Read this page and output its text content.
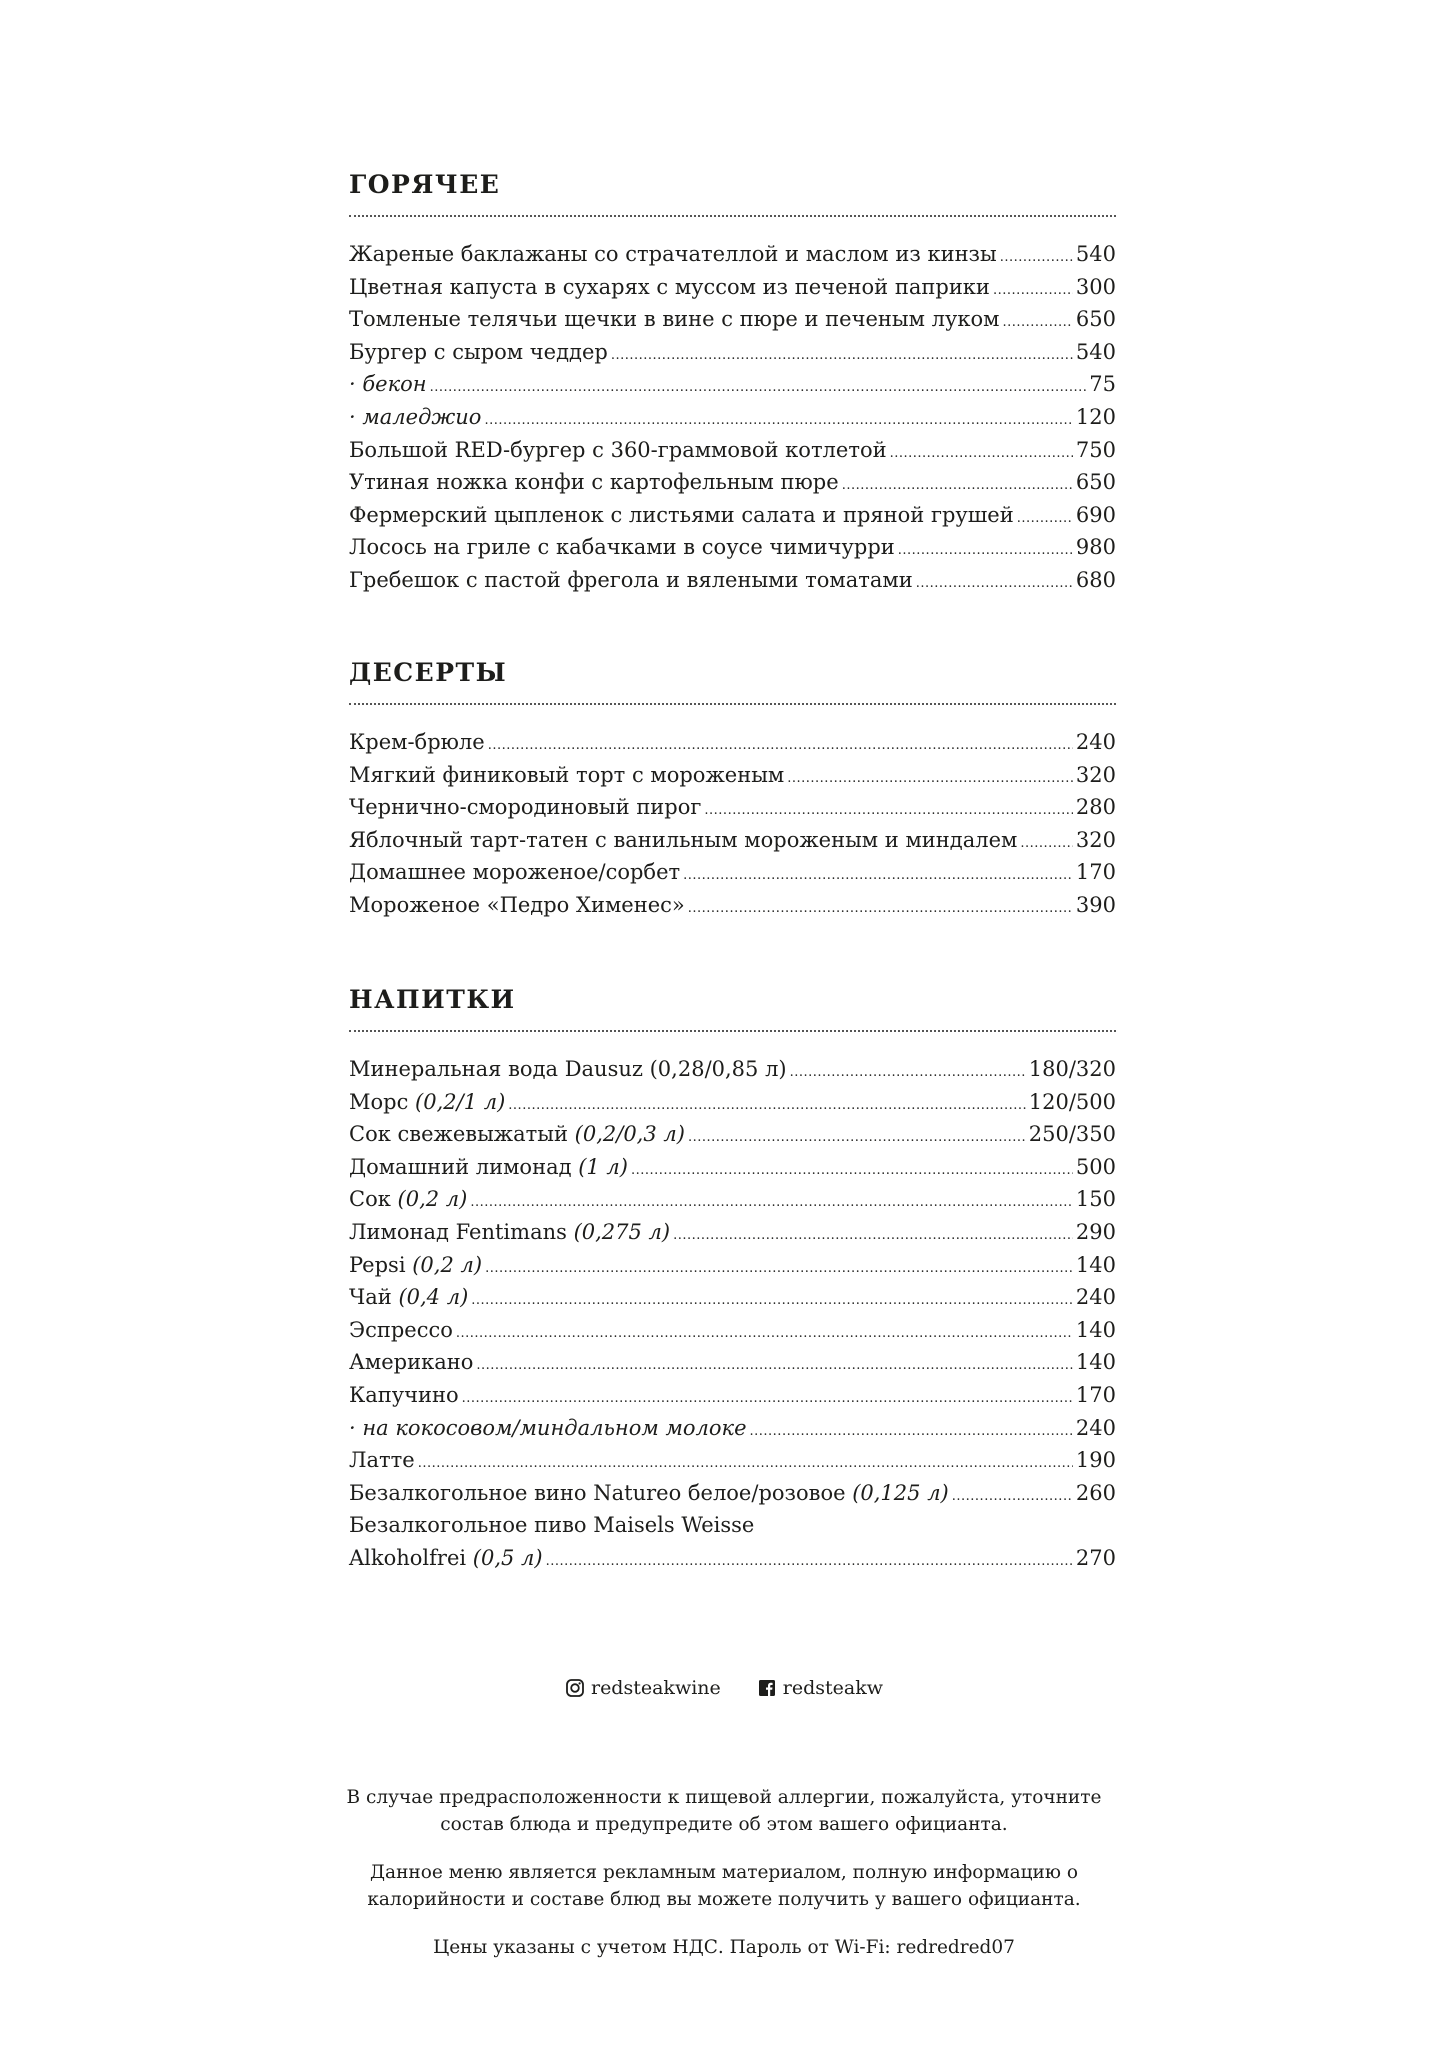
ГОРЯЧЕЕ
Жареные баклажаны со страчателлой и маслом из кинзы .....	540
Цветная капуста в сухарях с муссом из печеной паприки .....	300
Томленые телячьи щечки в вине с пюре и печеным луком .....	650
Бургер с сыром чеддер .....	540
· бекон .....	75
· маледжио .....	120
Большой RED-бургер с 360-граммовой котлетой .....	750
Утиная ножка конфи с картофельным пюре .....	650
Фермерский цыпленок с листьями салата и пряной грушей .....	690
Лосось на гриле с кабачками в соусе чимичурри .....	980
Гребешок с пастой фрегола и вялеными томатами .....	680
ДЕСЕРТЫ
Крем-брюле .....	240
Мягкий финиковый торт с мороженым .....	320
Чернично-смородиновый пирог .....	280
Яблочный тарт-татен с ванильным мороженым и миндалем .....	320
Домашнее мороженое/сорбет .....	170
Мороженое «Педро Хименес» .....	390
НАПИТКИ
Минеральная вода Dausuz (0,28/0,85 л) .....	180/320
Морс (0,2/1 л) .....	120/500
Сок свежевыжатый (0,2/0,3 л) .....	250/350
Домашний лимонад (1 л) .....	500
Сок (0,2 л) .....	150
Лимонад Fentimans (0,275 л) .....	290
Pepsi (0,2 л) .....	140
Чай (0,4 л) .....	240
Эспрессо .....	140
Американо .....	140
Капучино .....	170
· на кокосовом/миндальном молоке .....	240
Латте .....	190
Безалкогольное вино Natureo белое/розовое (0,125 л) .....	260
Безалкогольное пиво Maisels Weisse
Alkoholfrei (0,5 л) .....	270
redsteakwine	redsteakw

В случае предрасположенности к пищевой аллергии, пожалуйста, уточните
состав блюда и предупредите об этом вашего официанта.

Данное меню является рекламным материалом, полную информацию о
калорийности и составе блюд вы можете получить у вашего официанта.

Цены указаны с учетом НДС. Пароль от Wi-Fi: redredred07
